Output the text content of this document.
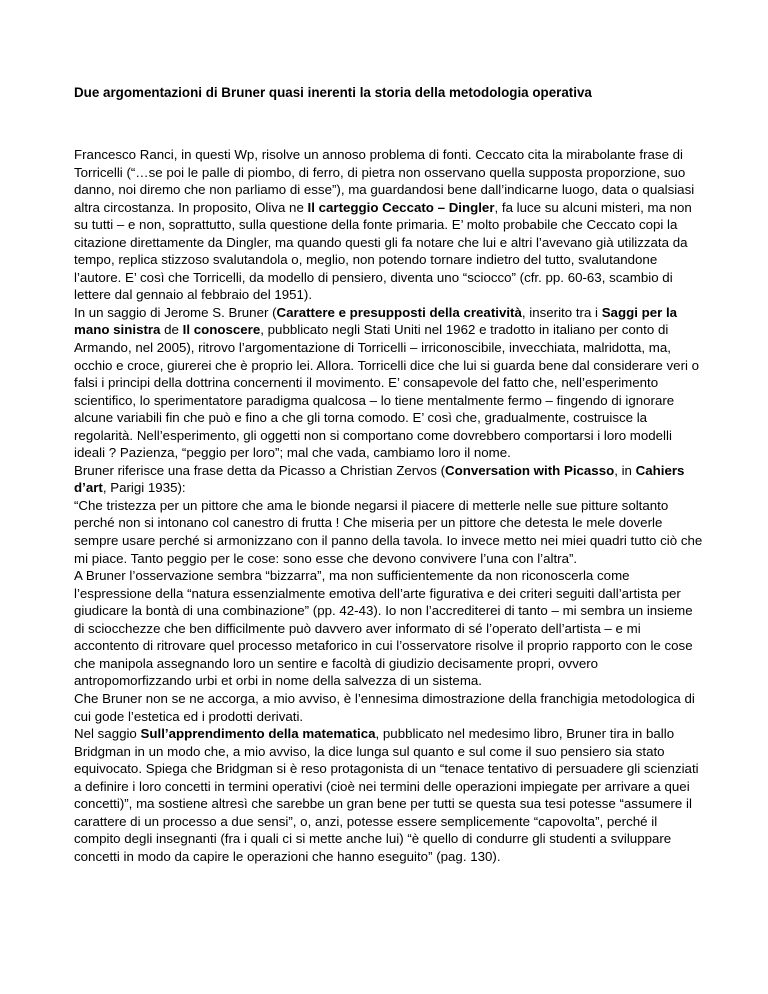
Due argomentazioni di Bruner quasi inerenti la storia della metodologia operativa

Francesco Ranci, in questi Wp, risolve un annoso problema di fonti. Ceccato cita la mirabolante frase di Torricelli (“…se poi le palle di piombo, di ferro, di pietra non osservano quella supposta proporzione, suo danno, noi diremo che non parliamo di esse”), ma guardandosi bene dall’indicarne luogo, data o qualsiasi altra circostanza. In proposito, Oliva ne Il carteggio Ceccato – Dingler, fa luce su alcuni misteri, ma non su tutti – e non, soprattutto, sulla questione della fonte primaria. E’ molto probabile che Ceccato copi la citazione direttamente da Dingler, ma quando questi gli fa notare che lui e altri l’avevano già utilizzata da tempo, replica stizzoso svalutandola o, meglio, non potendo tornare indietro del tutto, svalutandone l’autore. E’ così che Torricelli, da modello di pensiero, diventa uno “sciocco” (cfr. pp. 60-63, scambio di lettere dal gennaio al febbraio del 1951).

In un saggio di Jerome S. Bruner (Carattere e presupposti della creatività, inserito tra i Saggi per la mano sinistra de Il conoscere, pubblicato negli Stati Uniti nel 1962 e tradotto in italiano per conto di Armando, nel 2005), ritrovo l’argomentazione di Torricelli – irriconoscibile, invecchiata, malridotta, ma, occhio e croce, giurerei che è proprio lei. Allora. Torricelli dice che lui si guarda bene dal considerare veri o falsi i principi della dottrina concernenti il movimento. E’ consapevole del fatto che, nell’esperimento scientifico, lo sperimentatore paradigma qualcosa – lo tiene mentalmente fermo – fingendo di ignorare alcune variabili fin che può e fino a che gli torna comodo. E’ così che, gradualmente, costruisce la regolarità. Nell’esperimento, gli oggetti non si comportano come dovrebbero comportarsi i loro modelli ideali ? Pazienza, “peggio per loro”; mal che vada, cambiamo loro il nome.

Bruner riferisce una frase detta da Picasso a Christian Zervos (Conversation with Picasso, in Cahiers d’art, Parigi 1935):

“Che tristezza per un pittore che ama le bionde negarsi il piacere di metterle nelle sue pitture soltanto perché non si intonano col canestro di frutta ! Che miseria per un pittore che detesta le mele doverle sempre usare perché si armonizzano con il panno della tavola. Io invece metto nei miei quadri tutto ciò che mi piace. Tanto peggio per le cose: sono esse che devono convivere l’una con l’altra”.

A Bruner l’osservazione sembra “bizzarra”, ma non sufficientemente da non riconoscerla come l’espressione della “natura essenzialmente emotiva dell’arte figurativa e dei criteri seguiti dall’artista per giudicare la bontà di una combinazione” (pp. 42-43). Io non l’accrediterei di tanto – mi sembra un insieme di sciocchezze che ben difficilmente può davvero aver informato di sé l’operato dell’artista – e mi accontento di ritrovare quel processo metaforico in cui l’osservatore risolve il proprio rapporto con le cose che manipola assegnando loro un sentire e facoltà di giudizio decisamente propri, ovvero antropomorfizzando urbi et orbi in nome della salvezza di un sistema.

Che Bruner non se ne accorga, a mio avviso, è l’ennesima dimostrazione della franchigia metodologica di cui gode l’estetica ed i prodotti derivati.

Nel saggio Sull’apprendimento della matematica, pubblicato nel medesimo libro, Bruner tira in ballo Bridgman in un modo che, a mio avviso, la dice lunga sul quanto e sul come il suo pensiero sia stato equivocato. Spiega che Bridgman si è reso protagonista di un “tenace tentativo di persuadere gli scienziati a definire i loro concetti in termini operativi (cioè nei termini delle operazioni impiegate per arrivare a quei concetti)”, ma sostiene altresì che sarebbe un gran bene per tutti se questa sua tesi potesse “assumere il carattere di un processo a due sensi”, o, anzi, potesse essere semplicemente “capovolta”, perché il compito degli insegnanti (fra i quali ci si mette anche lui) “è quello di condurre gli studenti a sviluppare concetti in modo da capire le operazioni che hanno eseguito” (pag. 130).
